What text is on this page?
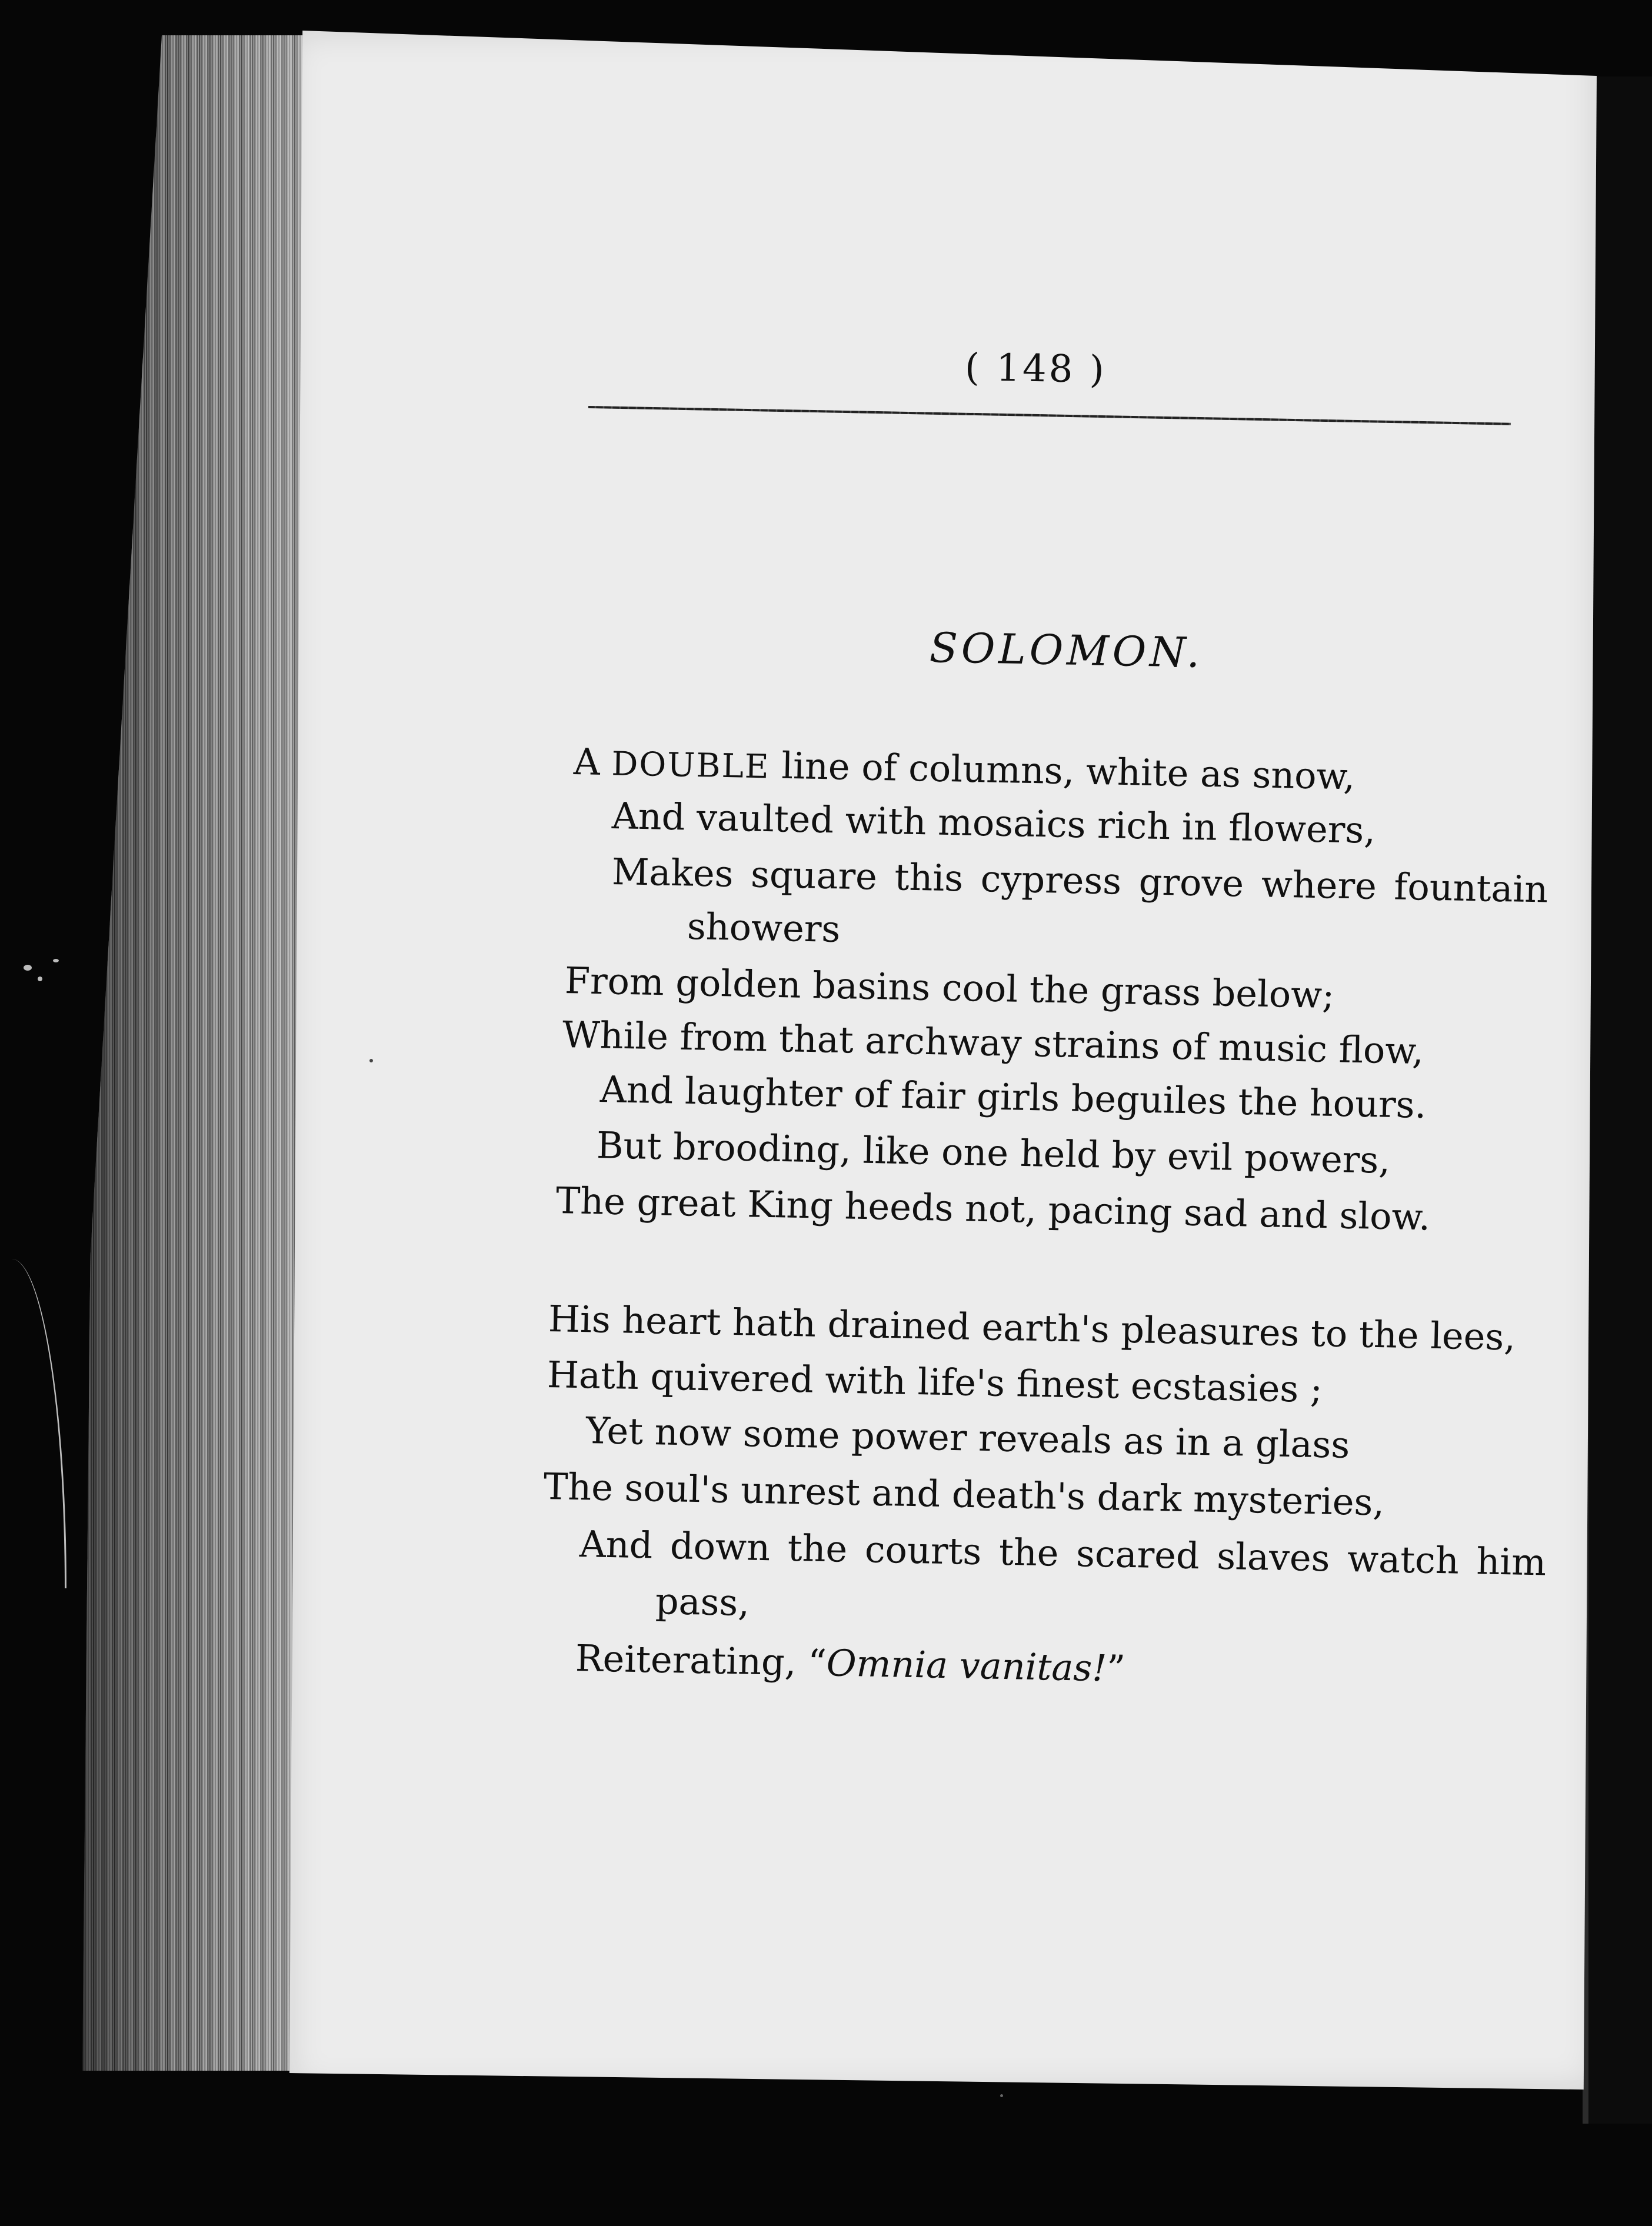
( 148 )
SOLOMON.
A DOUBLE line of columns, white as snow,
And vaulted with mosaics rich in flowers,
Makes square this cypress grove where fountain
showers
From golden basins cool the grass below;
While from that archway strains of music flow,
And laughter of fair girls beguiles the hours.
But brooding, like one held by evil powers,
The great King heeds not, pacing sad and slow.
His heart hath drained earth's pleasures to the lees,
Hath quivered with life's finest ecstasies ;
Yet now some power reveals as in a glass
The soul's unrest and death's dark mysteries,
And down the courts the scared slaves watch him
pass,
Reiterating, “Omnia vanitas!”
